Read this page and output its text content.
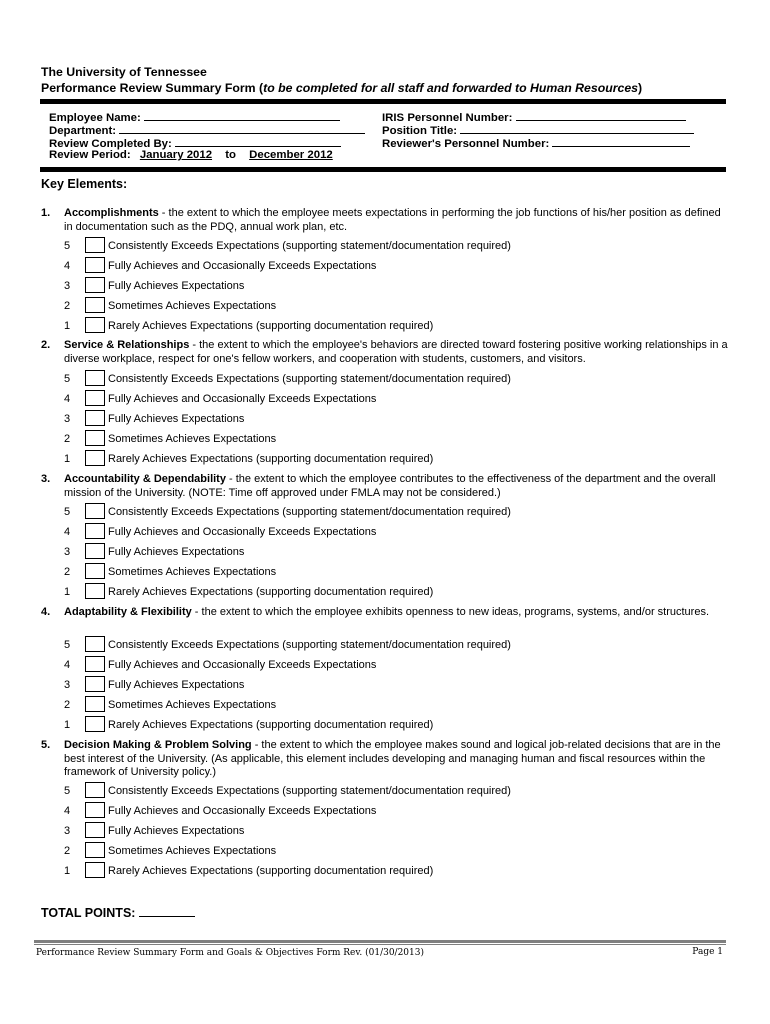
The University of Tennessee
Performance Review Summary Form (to be completed for all staff and forwarded to Human Resources)
Employee Name:
Department:
Review Completed By:
Review Period: January 2012 to December 2012
IRIS Personnel Number:
Position Title:
Reviewer's Personnel Number:
Key Elements:
1. Accomplishments - the extent to which the employee meets expectations in performing the job functions of his/her position as defined in documentation such as the PDQ, annual work plan, etc.
5	Consistently Exceeds Expectations (supporting statement/documentation required)
4	Fully Achieves and Occasionally Exceeds Expectations
3	Fully Achieves Expectations
2	Sometimes Achieves Expectations
1	Rarely Achieves Expectations (supporting documentation required)
2. Service & Relationships - the extent to which the employee's behaviors are directed toward fostering positive working relationships in a diverse workplace, respect for one's fellow workers, and cooperation with students, customers, and visitors.
5	Consistently Exceeds Expectations (supporting statement/documentation required)
4	Fully Achieves and Occasionally Exceeds Expectations
3	Fully Achieves Expectations
2	Sometimes Achieves Expectations
1	Rarely Achieves Expectations (supporting documentation required)
3. Accountability & Dependability - the extent to which the employee contributes to the effectiveness of the department and the overall mission of the University. (NOTE: Time off approved under FMLA may not be considered.)
5	Consistently Exceeds Expectations (supporting statement/documentation required)
4	Fully Achieves and Occasionally Exceeds Expectations
3	Fully Achieves Expectations
2	Sometimes Achieves Expectations
1	Rarely Achieves Expectations (supporting documentation required)
4. Adaptability & Flexibility - the extent to which the employee exhibits openness to new ideas, programs, systems, and/or structures.
5	Consistently Exceeds Expectations (supporting statement/documentation required)
4	Fully Achieves and Occasionally Exceeds Expectations
3	Fully Achieves Expectations
2	Sometimes Achieves Expectations
1	Rarely Achieves Expectations (supporting documentation required)
5. Decision Making & Problem Solving - the extent to which the employee makes sound and logical job-related decisions that are in the best interest of the University. (As applicable, this element includes developing and managing human and fiscal resources within the framework of University policy.)
5	Consistently Exceeds Expectations (supporting statement/documentation required)
4	Fully Achieves and Occasionally Exceeds Expectations
3	Fully Achieves Expectations
2	Sometimes Achieves Expectations
1	Rarely Achieves Expectations (supporting documentation required)
TOTAL POINTS:
Performance Review Summary Form and Goals & Objectives Form Rev. (01/30/2013)	Page 1
